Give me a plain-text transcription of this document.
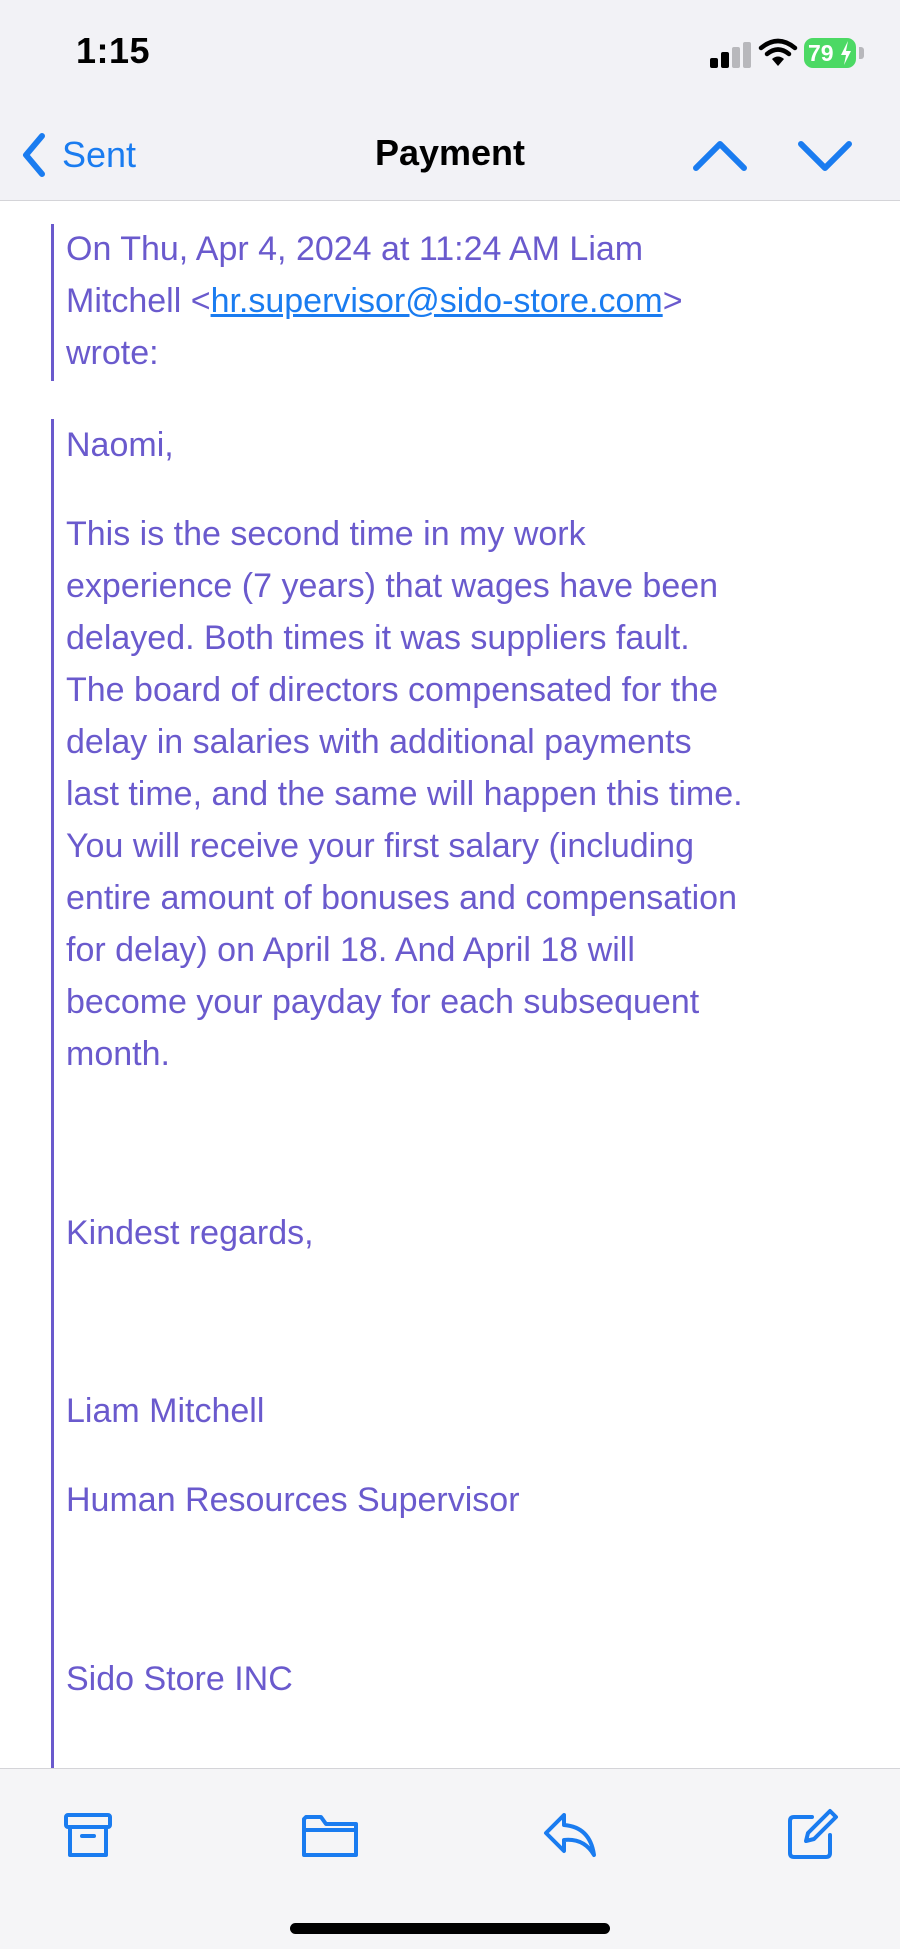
1:15	79
Payment
Sent
On Thu, Apr 4, 2024 at 11:24 AM Liam
Mitchell <hr.supervisor@sido-store.com>
wrote:
Naomi,
This is the second time in my work
experience (7 years) that wages have been
delayed. Both times it was suppliers fault.
The board of directors compensated for the
delay in salaries with additional payments
last time, and the same will happen this time.
You will receive your first salary (including
entire amount of bonuses and compensation
for delay) on April 18. And April 18 will
become your payday for each subsequent
month.
Kindest regards,
Liam Mitchell
Human Resources Supervisor
Sido Store INC
